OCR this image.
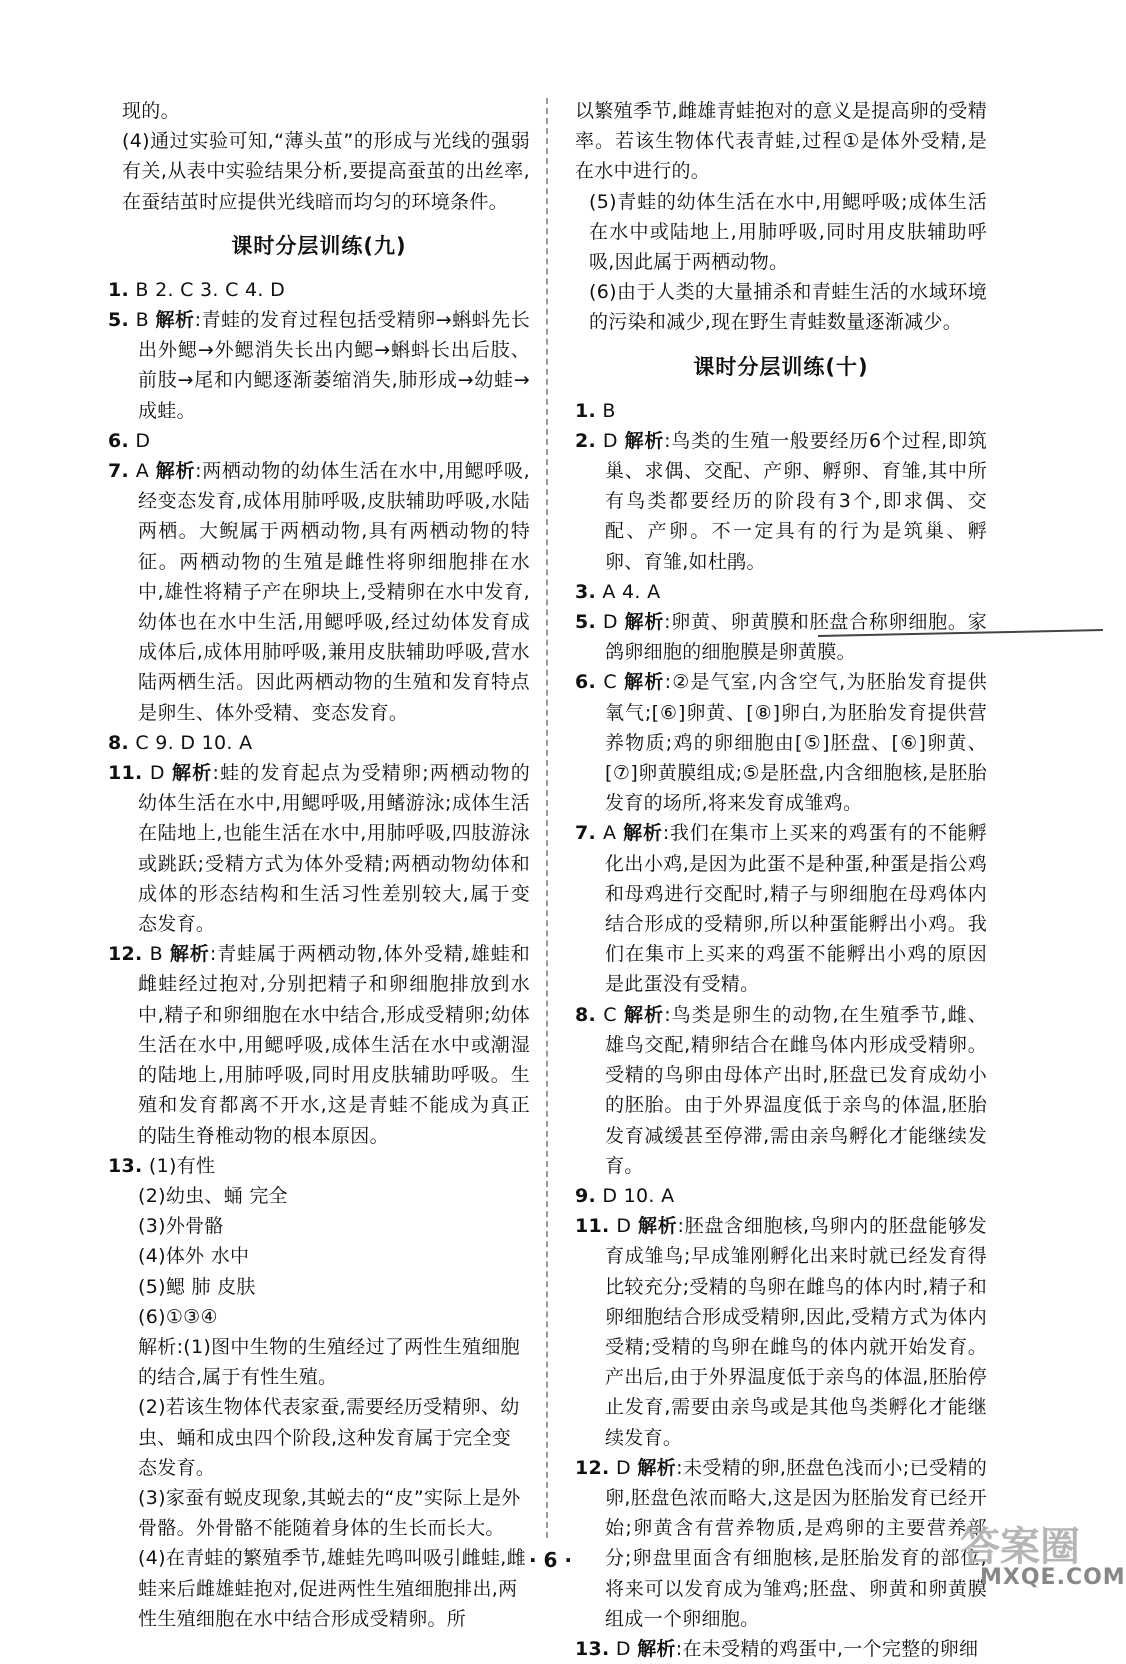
现的。

(4)通过实验可知,“薄头茧”的形成与光线的强弱有关,从表中实验结果分析,要提高蚕茧的出丝率,在蚕结茧时应提供光线暗而均匀的环境条件。

课时分层训练(九)

1. B 2. C 3. C 4. D

5. B 解析:青蛙的发育过程包括受精卵→蝌蚪先长出外鳃→外鳃消失长出内鳃→蝌蚪长出后肢、前肢→尾和内鳃逐渐萎缩消失,肺形成→幼蛙→成蛙。

6. D

7. A 解析:两栖动物的幼体生活在水中,用鳃呼吸,经变态发育,成体用肺呼吸,皮肤辅助呼吸,水陆两栖。大鲵属于两栖动物,具有两栖动物的特征。两栖动物的生殖是雌性将卵细胞排在水中,雄性将精子产在卵块上,受精卵在水中发育,幼体也在水中生活,用鳃呼吸,经过幼体发育成成体后,成体用肺呼吸,兼用皮肤辅助呼吸,营水陆两栖生活。因此两栖动物的生殖和发育特点是卵生、体外受精、变态发育。

8. C 9. D 10. A

11. D 解析:蛙的发育起点为受精卵;两栖动物的幼体生活在水中,用鳃呼吸,用鳍游泳;成体生活在陆地上,也能生活在水中,用肺呼吸,四肢游泳或跳跃;受精方式为体外受精;两栖动物幼体和成体的形态结构和生活习性差别较大,属于变态发育。

12. B 解析:青蛙属于两栖动物,体外受精,雄蛙和雌蛙经过抱对,分别把精子和卵细胞排放到水中,精子和卵细胞在水中结合,形成受精卵;幼体生活在水中,用鳃呼吸,成体生活在水中或潮湿的陆地上,用肺呼吸,同时用皮肤辅助呼吸。生殖和发育都离不开水,这是青蛙不能成为真正的陆生脊椎动物的根本原因。

13. (1)有性

(2)幼虫、蛹 完全

(3)外骨骼

(4)体外 水中

(5)鳃 肺 皮肤

(6)①③④

解析:(1)图中生物的生殖经过了两性生殖细胞的结合,属于有性生殖。

(2)若该生物体代表家蚕,需要经历受精卵、幼虫、蛹和成虫四个阶段,这种发育属于完全变态发育。

(3)家蚕有蜕皮现象,其蜕去的“皮”实际上是外骨骼。外骨骼不能随着身体的生长而长大。

(4)在青蛙的繁殖季节,雄蛙先鸣叫吸引雌蛙,雌蛙来后雌雄蛙抱对,促进两性生殖细胞排出,两性生殖细胞在水中结合形成受精卵。所

以繁殖季节,雌雄青蛙抱对的意义是提高卵的受精率。若该生物体代表青蛙,过程①是体外受精,是在水中进行的。

(5)青蛙的幼体生活在水中,用鳃呼吸;成体生活在水中或陆地上,用肺呼吸,同时用皮肤辅助呼吸,因此属于两栖动物。

(6)由于人类的大量捕杀和青蛙生活的水域环境的污染和减少,现在野生青蛙数量逐渐减少。

课时分层训练(十)

1. B

2. D 解析:鸟类的生殖一般要经历6个过程,即筑巢、求偶、交配、产卵、孵卵、育雏,其中所有鸟类都要经历的阶段有3个,即求偶、交配、产卵。不一定具有的行为是筑巢、孵卵、育雏,如杜鹃。

3. A 4. A

5. D 解析:卵黄、卵黄膜和胚盘合称卵细胞。家鸽卵细胞的细胞膜是卵黄膜。

6. C 解析:②是气室,内含空气,为胚胎发育提供氧气;[⑥]卵黄、[⑧]卵白,为胚胎发育提供营养物质;鸡的卵细胞由[⑤]胚盘、[⑥]卵黄、[⑦]卵黄膜组成;⑤是胚盘,内含细胞核,是胚胎发育的场所,将来发育成雏鸡。

7. A 解析:我们在集市上买来的鸡蛋有的不能孵化出小鸡,是因为此蛋不是种蛋,种蛋是指公鸡和母鸡进行交配时,精子与卵细胞在母鸡体内结合形成的受精卵,所以种蛋能孵出小鸡。我们在集市上买来的鸡蛋不能孵出小鸡的原因是此蛋没有受精。

8. C 解析:鸟类是卵生的动物,在生殖季节,雌、雄鸟交配,精卵结合在雌鸟体内形成受精卵。受精的鸟卵由母体产出时,胚盘已发育成幼小的胚胎。由于外界温度低于亲鸟的体温,胚胎发育减缓甚至停滞,需由亲鸟孵化才能继续发育。

9. D 10. A

11. D 解析:胚盘含细胞核,鸟卵内的胚盘能够发育成雏鸟;早成雏刚孵化出来时就已经发育得比较充分;受精的鸟卵在雌鸟的体内时,精子和卵细胞结合形成受精卵,因此,受精方式为体内受精;受精的鸟卵在雌鸟的体内就开始发育。产出后,由于外界温度低于亲鸟的体温,胚胎停止发育,需要由亲鸟或是其他鸟类孵化才能继续发育。

12. D 解析:未受精的卵,胚盘色浅而小;已受精的卵,胚盘色浓而略大,这是因为胚胎发育已经开始;卵黄含有营养物质,是鸡卵的主要营养部分;卵盘里面含有细胞核,是胚胎发育的部位,将来可以发育成为雏鸡;胚盘、卵黄和卵黄膜组成一个卵细胞。

13. D 解析:在未受精的鸡蛋中,一个完整的卵细

· 6 ·	答案圈
MXQE.COM
